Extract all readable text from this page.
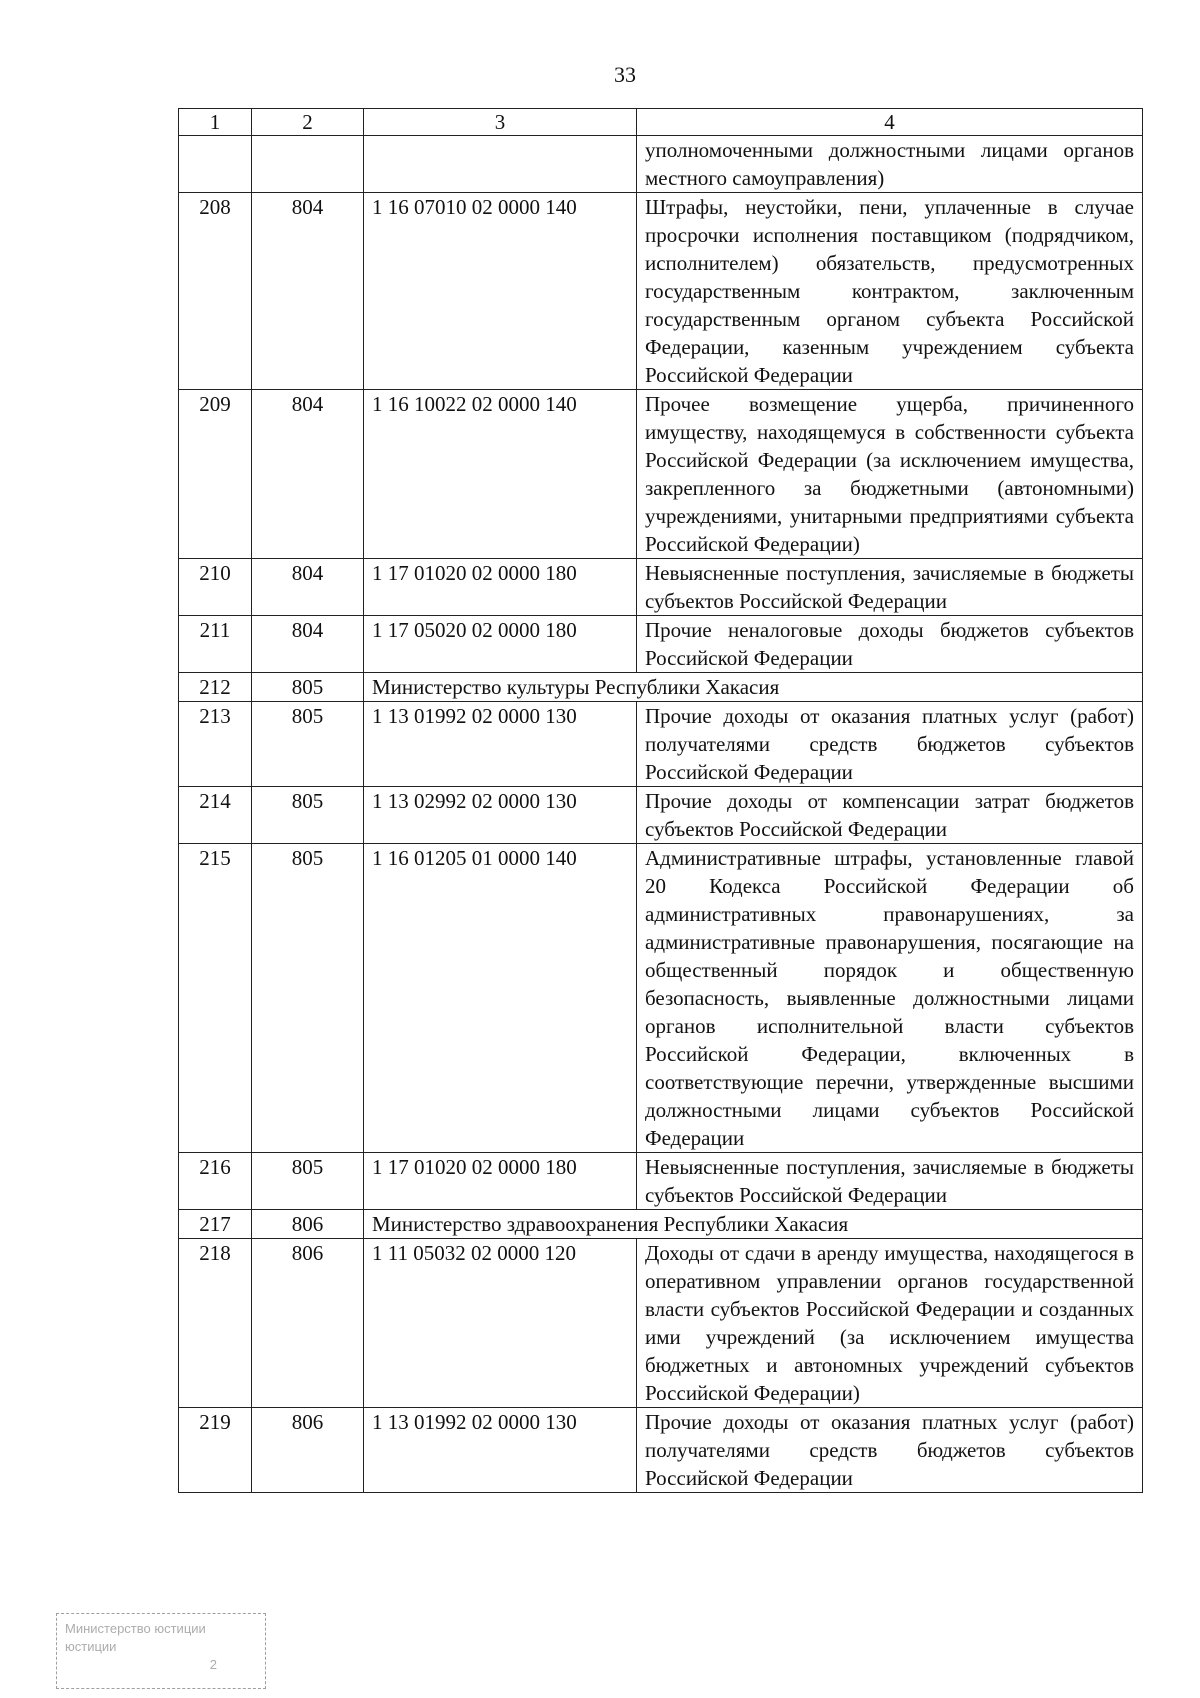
33
1	2	3	4
			уполномоченными должностными лицами органов местного самоуправления)
208	804	1 16 07010 02 0000 140	Штрафы, неустойки, пени, уплаченные в случае просрочки исполнения поставщиком (подрядчиком, исполнителем) обязательств, предусмотренных государственным контрактом, заключенным государственным органом субъекта Российской Федерации, казенным учреждением субъекта Российской Федерации
209	804	1 16 10022 02 0000 140	Прочее возмещение ущерба, причиненного имуществу, находящемуся в собственности субъекта Российской Федерации (за исключением имущества, закрепленного за бюджетными (автономными) учреждениями, унитарными предприятиями субъекта Российской Федерации)
210	804	1 17 01020 02 0000 180	Невыясненные поступления, зачисляемые в бюджеты субъектов Российской Федерации
211	804	1 17 05020 02 0000 180	Прочие неналоговые доходы бюджетов субъектов Российской Федерации
212	805	Министерство культуры Республики Хакасия	
213	805	1 13 01992 02 0000 130	Прочие доходы от оказания платных услуг (работ) получателями средств бюджетов субъектов Российской Федерации
214	805	1 13 02992 02 0000 130	Прочие доходы от компенсации затрат бюджетов субъектов Российской Федерации
215	805	1 16 01205 01 0000 140	Административные штрафы, установленные главой 20 Кодекса Российской Федерации об административных правонарушениях, за административные правонарушения, посягающие на общественный порядок и общественную безопасность, выявленные должностными лицами органов исполнительной власти субъектов Российской Федерации, включенных в соответствующие перечни, утвержденные высшими должностными лицами субъектов Российской Федерации
216	805	1 17 01020 02 0000 180	Невыясненные поступления, зачисляемые в бюджеты субъектов Российской Федерации
217	806	Министерство здравоохранения Республики Хакасия	
218	806	1 11 05032 02 0000 120	Доходы от сдачи в аренду имущества, находящегося в оперативном управлении органов государственной власти субъектов Российской Федерации и созданных ими учреждений (за исключением имущества бюджетных и автономных учреждений субъектов Российской Федерации)
219	806	1 13 01992 02 0000 130	Прочие доходы от оказания платных услуг (работ) получателями средств бюджетов субъектов Российской Федерации
Министерство юстиции
юстиции
2
